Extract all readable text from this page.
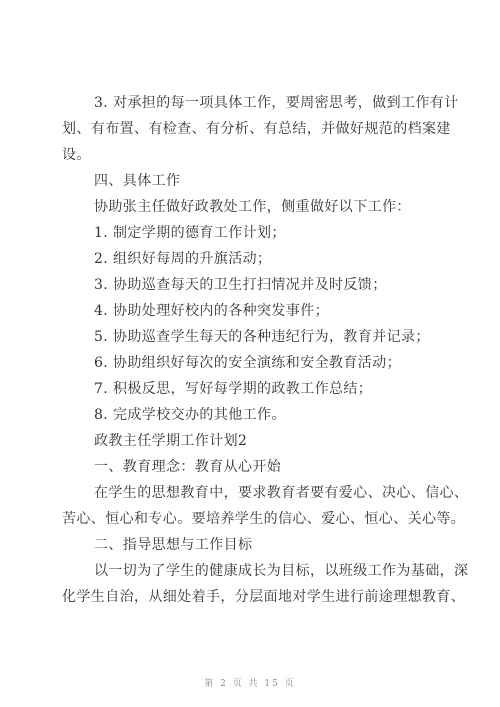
3. 对承担的每一项具体工作，要周密思考，做到工作有计
划、有布置、有检查、有分析、有总结，并做好规范的档案建
设。
四、具体工作
协助张主任做好政教处工作，侧重做好以下工作：
1. 制定学期的德育工作计划；
2. 组织好每周的升旗活动；
3. 协助巡查每天的卫生打扫情况并及时反馈；
4. 协助处理好校内的各种突发事件；
5. 协助巡查学生每天的各种违纪行为，教育并记录；
6. 协助组织好每次的安全演练和安全教育活动；
7. 积极反思，写好每学期的政教工作总结；
8. 完成学校交办的其他工作。
政教主任学期工作计划2
一、教育理念：教育从心开始
在学生的思想教育中，要求教育者要有爱心、决心、信心、
苦心、恒心和专心。要培养学生的信心、爱心、恒心、关心等。
二、指导思想与工作目标
以一切为了学生的健康成长为目标，以班级工作为基础，深
化学生自治，从细处着手，分层面地对学生进行前途理想教育、
第 2 页 共 15 页
